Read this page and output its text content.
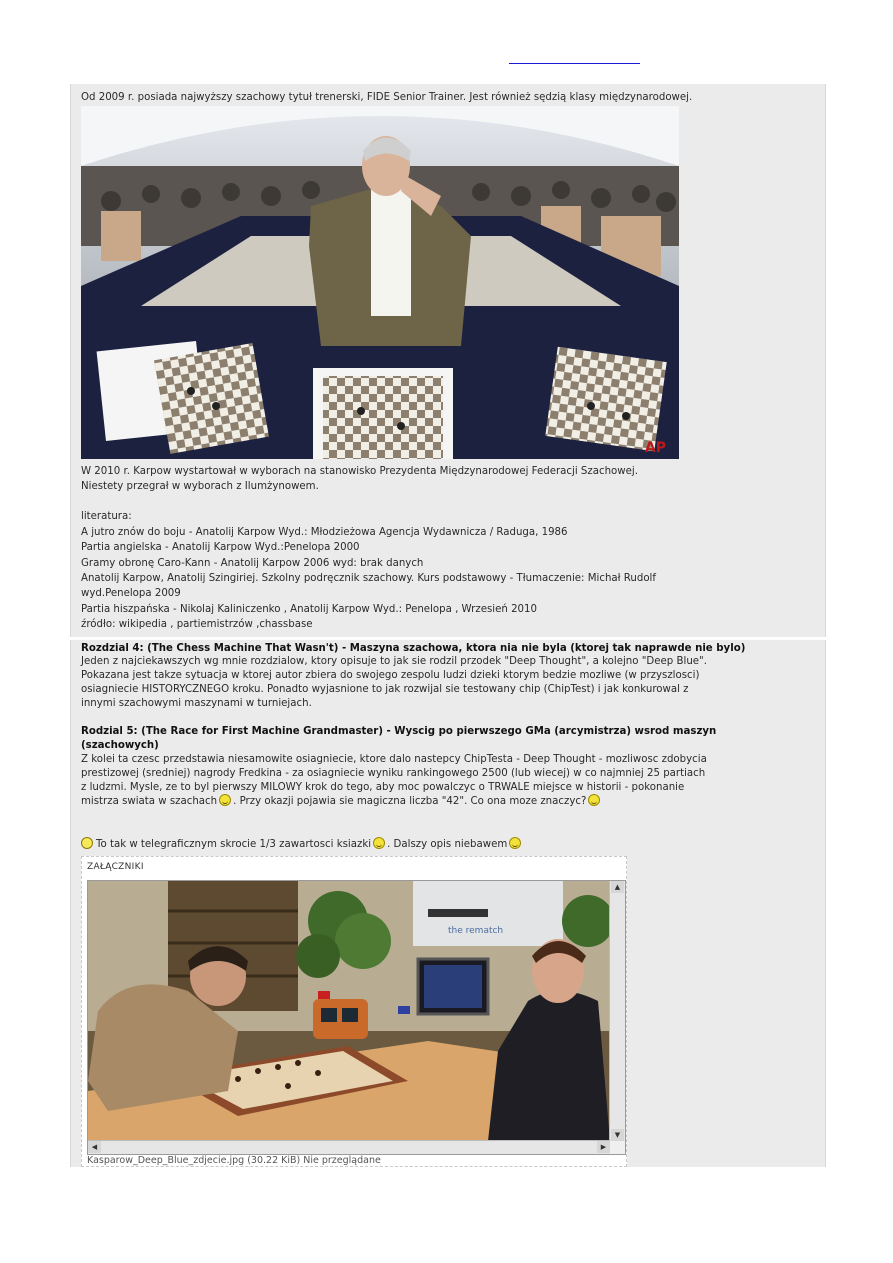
Od 2009 r. posiada najwyższy szachowy tytuł trenerski, FIDE Senior Trainer. Jest również sędzią klasy międzynarodowej.
AP
W 2010 r. Karpow wystartował w wyborach na stanowisko Prezydenta Międzynarodowej Federacji Szachowej.
Niestety przegrał w wyborach z Ilumżynowem.
literatura:
A jutro znów do boju - Anatolij Karpow Wyd.: Młodzieżowa Agencja Wydawnicza / Raduga, 1986
Partia angielska - Anatolij Karpow Wyd.:Penelopa 2000
Gramy obronę Caro-Kann - Anatolij Karpow 2006 wyd: brak danych
Anatolij Karpow, Anatolij Szingiriej. Szkolny podręcznik szachowy. Kurs podstawowy - Tłumaczenie: Michał Rudolf
wyd.Penelopa 2009
Partia hiszpańska - Nikolaj Kaliniczenko , Anatolij Karpow Wyd.: Penelopa , Wrzesień 2010
źródło: wikipedia , partiemistrzów ,chassbase
Rozdzial 4: (The Chess Machine That Wasn't) - Maszyna szachowa, ktora nia nie byla (ktorej tak naprawde nie bylo)
Jeden z najciekawszych wg mnie rozdzialow, ktory opisuje to jak sie rodzil przodek "Deep Thought", a kolejno "Deep Blue".
Pokazana jest takze sytuacja w ktorej autor zbiera do swojego zespolu ludzi dzieki ktorym bedzie mozliwe (w przyszlosci)
osiagniecie HISTORYCZNEGO kroku. Ponadto wyjasnione to jak rozwijal sie testowany chip (ChipTest) i jak konkurowal z
innymi szachowymi maszynami w turniejach.
Rodzial 5: (The Race for First Machine Grandmaster) - Wyscig po pierwszego GMa (arcymistrza) wsrod maszyn
(szachowych)
Z kolei ta czesc przedstawia niesamowite osiagniecie, ktore dalo nastepcy ChipTesta - Deep Thought - mozliwosc zdobycia
prestizowej (sredniej) nagrody Fredkina - za osiagniecie wyniku rankingowego 2500 (lub wiecej) w co najmniej 25 partiach
z ludzmi. Mysle, ze to byl pierwszy MILOWY krok do tego, aby moc powalczyc o TRWALE miejsce w historii - pokonanie
mistrza swiata w szachach . Przy okazji pojawia sie magiczna liczba "42". Co ona moze znaczyc?
To tak w telegraficznym skrocie 1/3 zawartosci ksiazki . Dalszy opis niebawem
ZAŁĄCZNIKI
the rematch
▲
▼
◀	▶
Kasparow_Deep_Blue_zdjecie.jpg (30.22 KiB) Nie przeglądane
